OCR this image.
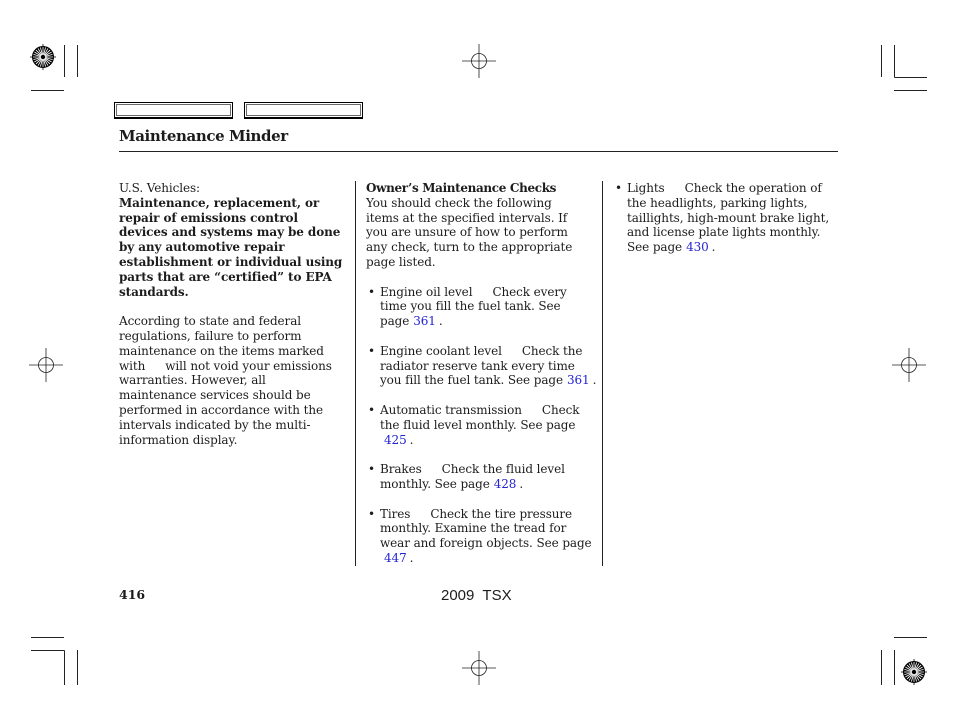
Maintenance Minder
U.S. Vehicles:
Maintenance, replacement, or
repair of emissions control
devices and systems may be done
by any automotive repair
establishment or individual using
parts that are “certified” to EPA
standards.
According to state and federal
regulations, failure to perform
maintenance on the items marked
with will not void your emissions
warranties. However, all
maintenance services should be
performed in accordance with the
intervals indicated by the multi-
information display.
Owner’s Maintenance Checks
You should check the following
items at the specified intervals. If
you are unsure of how to perform
any check, turn to the appropriate
page listed.
•
Engine oil level Check every
time you fill the fuel tank. See
page 361 .
•
Engine coolant level Check the
radiator reserve tank every time
you fill the fuel tank. See page 361 .
•
Automatic transmission Check
the fluid level monthly. See page
425 .
•
Brakes Check the fluid level
monthly. See page 428 .
•
Tires Check the tire pressure
monthly. Examine the tread for
wear and foreign objects. See page
447 .
•
Lights Check the operation of
the headlights, parking lights,
taillights, high-mount brake light,
and license plate lights monthly.
See page 430 .
416	2009  TSX
